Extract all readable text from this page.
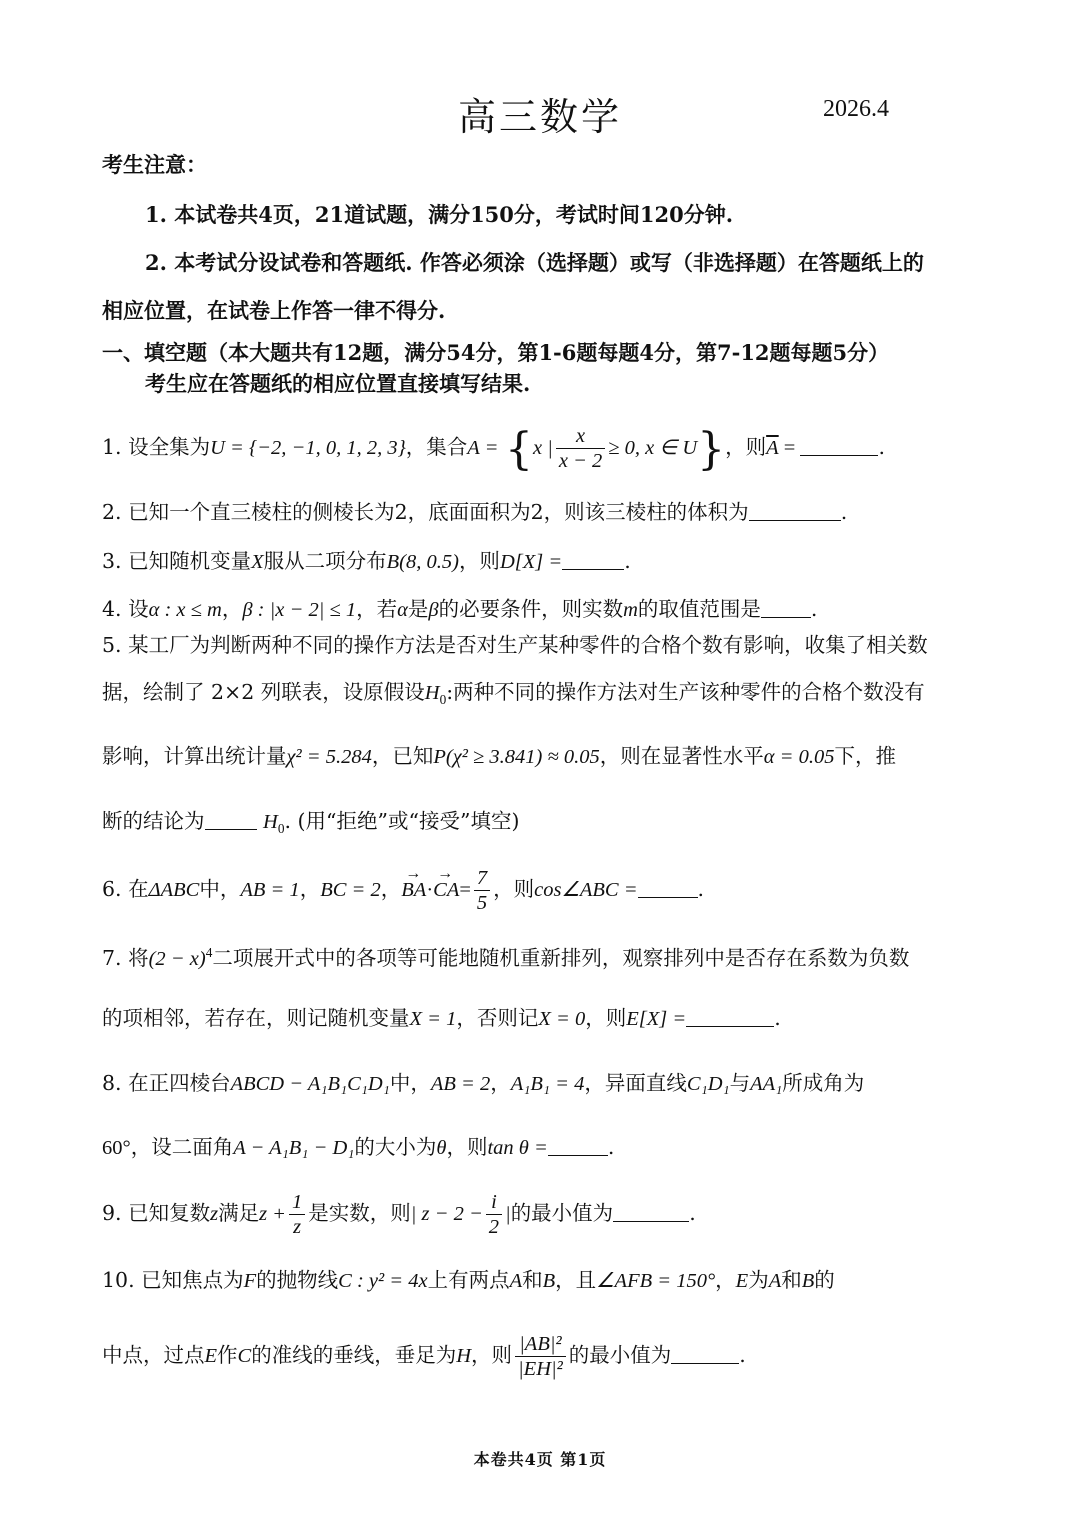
高三数学	2026.4
考生注意：
1. 本试卷共4页，21道试题，满分150分，考试时间120分钟.
2. 本考试分设试卷和答题纸. 作答必须涂（选择题）或写（非选择题）在答题纸上的
相应位置，在试卷上作答一律不得分.
一、填空题（本大题共有12题，满分54分，第1-6题每题4分，第7-12题每题5分）
考生应在答题纸的相应位置直接填写结果.
1. 设全集为U = {−2, −1, 0, 1, 2, 3}，集合A = {x | $\frac{x}{x - 2} \ge 0$, x ∈ U}，则$\overline{A}$ =	.
2. 已知一个直三棱柱的侧棱长为2，底面面积为2，则该三棱柱的体积为	.
3. 已知随机变量X服从二项分布B(8, 0.5)，则D[X] =	.
4. 设α : x ≤ m，β : |x − 2| ≤ 1，若α是β的必要条件，则实数m的取值范围是 .
5. 某工厂为判断两种不同的操作方法是否对生产某种零件的合格个数有影响，收集了相关数
据，绘制了 2×2 列联表，设原假设$H_0$:两种不同的操作方法对生产该种零件的合格个数没有
影响，计算出统计量χ² = 5.284，已知P(χ² ≥ 3.841) ≈ 0.05，则在显著性水平α = 0.05下，推
断的结论为	$H_0$. (用“拒绝”或“接受”填空)
6. 在ΔABC中，AB = 1，BC = 2，→ $BA\cdot\to CA= \frac{7}{5}$ ，则cos∠ABC =	.
7. 将$(2 - x)^4$二项展开式中的各项等可能地随机重新排列，观察排列中是否存在系数为负数
的项相邻，若存在，则记随机变量X = 1，否则记X = 0，则E[X] =	.
8. 在正四棱台ABCD − A₁B₁C₁D₁中，AB = 2，A₁B₁ = 4，异面直线C₁D₁与AA₁所成角为
60°，设二面角A − A₁B₁ − D₁的大小为θ，则tan θ =	.
9. 已知复数z满足$z + \frac{1}{z}$ 是实数，则| $z - 2 - \frac{i}{2}$ |的最小值为	.
10. 已知焦点为F的抛物线C : y² = 4x上有两点A和B，且∠AFB = 150°，E为A和B的
中点，过点E作C的准线的垂线，垂足为H，则 $\frac{\text{|AB|²}}{\text{|EH|²}}$ 的最小值为	.
本卷共4页 第1页
